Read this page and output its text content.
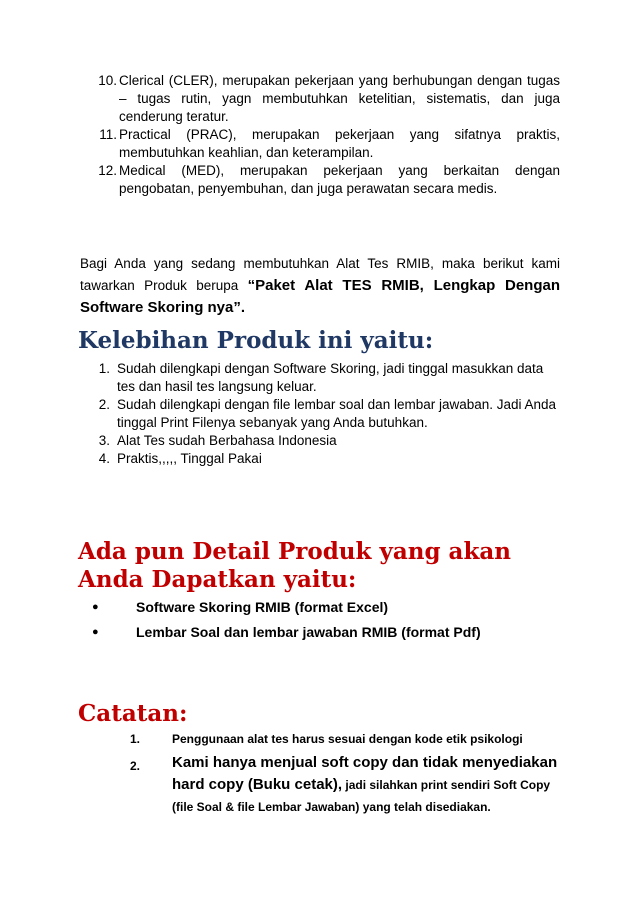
10. Clerical (CLER), merupakan pekerjaan yang berhubungan dengan tugas – tugas rutin, yagn membutuhkan ketelitian, sistematis, dan juga cenderung teratur.
11. Practical (PRAC), merupakan pekerjaan yang sifatnya praktis, membutuhkan keahlian, dan keterampilan.
12. Medical (MED), merupakan pekerjaan yang berkaitan dengan pengobatan, penyembuhan, dan juga perawatan secara medis.
Bagi Anda yang sedang membutuhkan Alat Tes RMIB, maka berikut kami tawarkan Produk berupa “Paket Alat TES RMIB, Lengkap Dengan Software Skoring nya”.
Kelebihan Produk ini yaitu:
1. Sudah dilengkapi dengan Software Skoring, jadi tinggal masukkan data tes dan hasil tes langsung keluar.
2. Sudah dilengkapi dengan file lembar soal dan lembar jawaban. Jadi Anda tinggal Print Filenya sebanyak yang Anda butuhkan.
3. Alat Tes sudah Berbahasa Indonesia
4. Praktis,,,,, Tinggal Pakai
Ada pun Detail Produk yang akan Anda Dapatkan yaitu:
●	Software Skoring RMIB (format Excel)
●	Lembar Soal dan lembar jawaban RMIB (format Pdf)
Catatan:
1.	Penggunaan alat tes harus sesuai dengan kode etik psikologi
2.	Kami hanya menjual soft copy dan tidak menyediakan hard copy (Buku cetak), jadi silahkan print sendiri Soft Copy (file Soal & file Lembar Jawaban) yang telah disediakan.
